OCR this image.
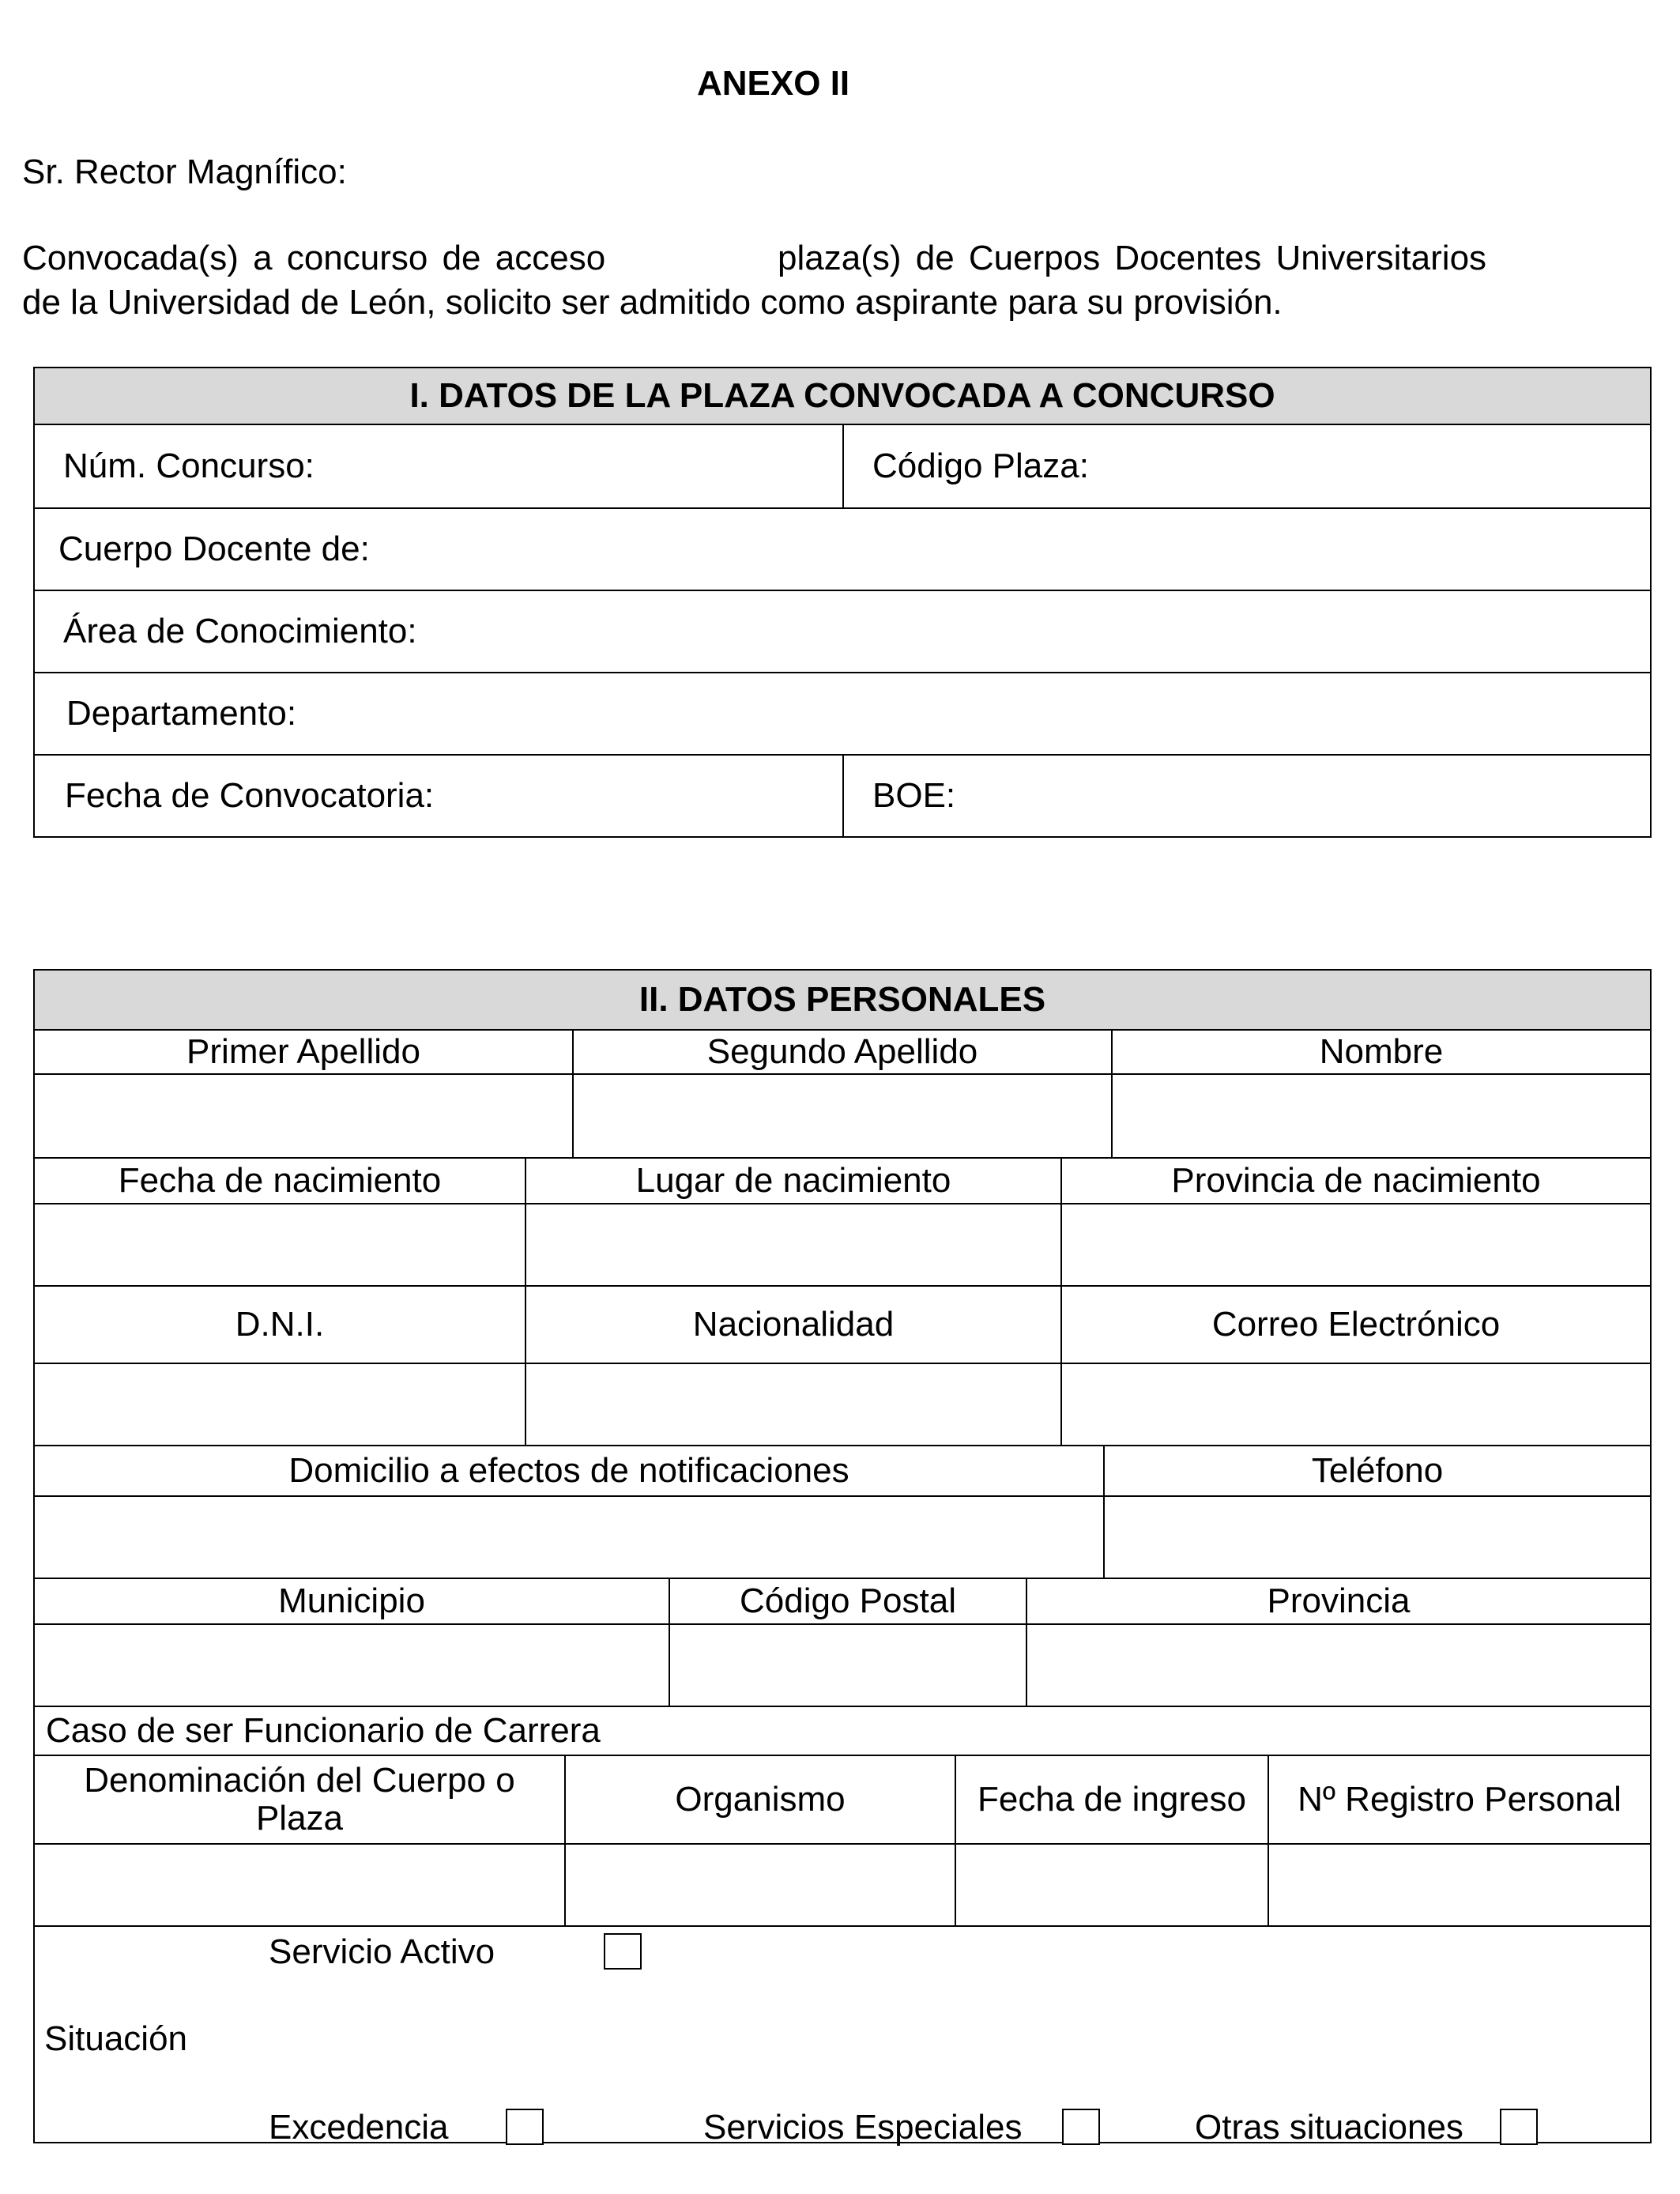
ANEXO II
Sr. Rector Magnífico:
Convocada(s) a concurso de acceso	plaza(s) de Cuerpos Docentes Universitarios
de la Universidad de León, solicito ser admitido como aspirante para su provisión.
I. DATOS DE LA PLAZA CONVOCADA A CONCURSO	
Núm. Concurso:	Código Plaza:
Cuerpo Docente de:	
Área de Conocimiento:	
Departamento:	
Fecha de Convocatoria:	BOE:
II. DATOS PERSONALES		
Primer Apellido	Segundo Apellido	Nombre

Fecha de nacimiento	Lugar de nacimiento	Provincia de nacimiento

D.N.I.	Nacionalidad	Correo Electrónico

Domicilio a efectos de notificaciones	Teléfono

Municipio	Código Postal	Provincia

Caso de ser Funcionario de Carrera			
Denominación del Cuerpo o Plaza	Organismo	Fecha de ingreso	Nº Registro Personal

Servicio Activo
Situación
Excedencia	Servicios Especiales	Otras situaciones
